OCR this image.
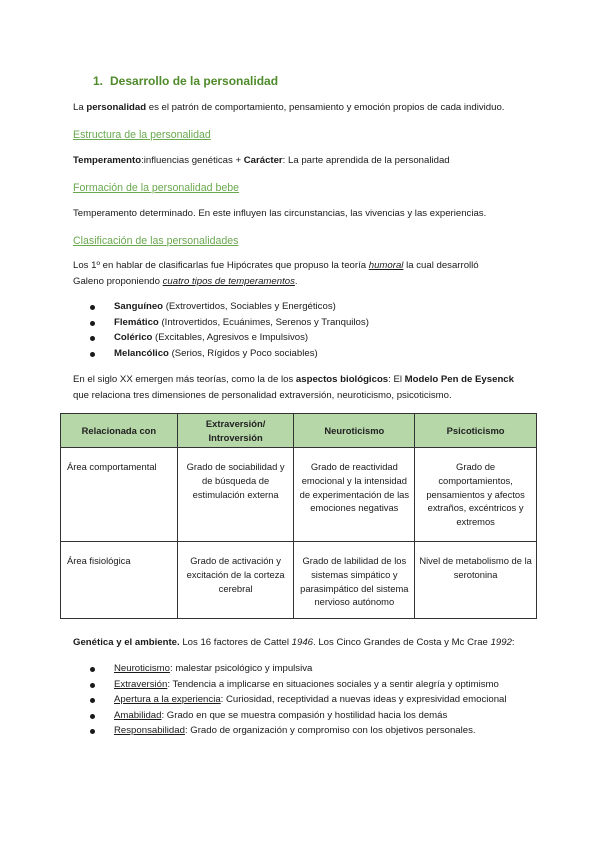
1. Desarrollo de la personalidad
La personalidad es el patrón de comportamiento, pensamiento y emoción propios de cada individuo.
Estructura de la personalidad
Temperamento:influencias genéticas + Carácter: La parte aprendida de la personalidad
Formación de la personalidad bebe
Temperamento determinado. En este influyen las circunstancias, las vivencias y las experiencias.
Clasificación de las personalidades
Los 1º en hablar de clasificarlas fue Hipócrates que propuso la teoría humoral la cual desarrolló
Galeno proponiendo cuatro tipos de temperamentos.
Sanguíneo (Extrovertidos, Sociables y Energéticos)
Flemático (Introvertidos, Ecuánimes, Serenos y Tranquilos)
Colérico (Excitables, Agresivos e Impulsivos)
Melancólico (Serios, Rígidos y Poco sociables)
En el siglo XX emergen más teorías, como la de los aspectos biológicos: El Modelo Pen de Eysenck
que relaciona tres dimensiones de personalidad extraversión, neuroticismo, psicoticismo.
Relacionada con	Extraversión/ Introversión	Neuroticismo	Psicoticismo
Área comportamental	Grado de sociabilidad y de búsqueda de estimulación externa	Grado de reactividad emocional y la intensidad de experimentación de las emociones negativas	Grado de comportamientos, pensamientos y afectos extraños, excéntricos y extremos
Área fisiológica	Grado de activación y excitación de la corteza cerebral	Grado de labilidad de los sistemas simpático y parasimpático del sistema nervioso autónomo	Nivel de metabolismo de la serotonina
Genética y el ambiente. Los 16 factores de Cattel 1946. Los Cinco Grandes de Costa y Mc Crae 1992:
Neuroticismo: malestar psicológico y impulsiva
Extraversión: Tendencia a implicarse en situaciones sociales y a sentir alegría y optimismo
Apertura a la experiencia: Curiosidad, receptividad a nuevas ideas y expresividad emocional
Amabilidad: Grado en que se muestra compasión y hostilidad hacia los demás
Responsabilidad: Grado de organización y compromiso con los objetivos personales.
